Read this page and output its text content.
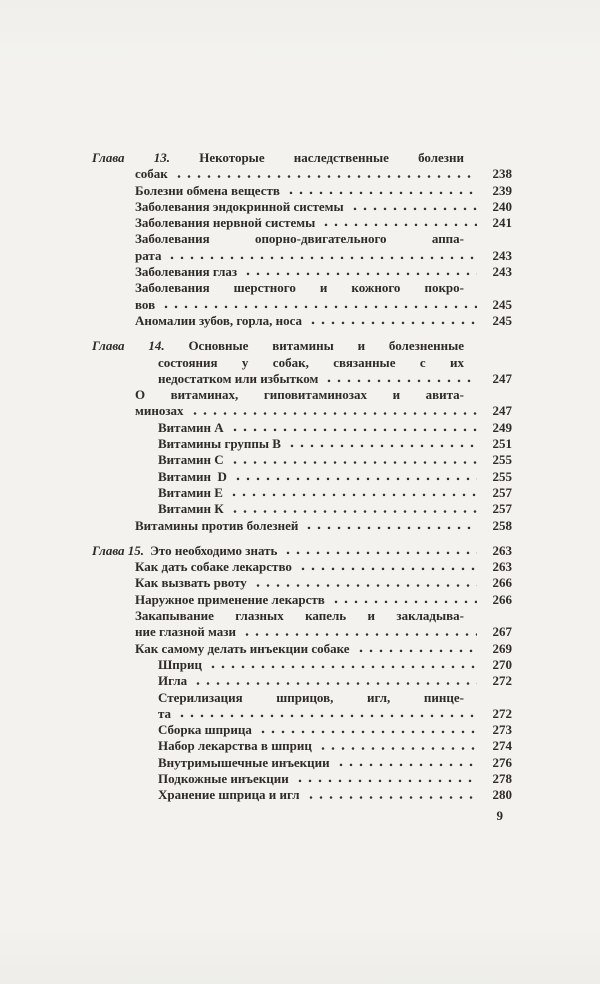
Глава 13. Некоторые наследственные болезни
собак	238
Болезни обмена веществ	239
Заболевания эндокринной системы	240
Заболевания нервной системы	241
Заболевания опорно-двигательного аппа-
рата	243
Заболевания глаз	243
Заболевания шерстного и кожного покро-
вов	245
Аномалии зубов, горла, носа	245
Глава 14. Основные витамины и болезненные
состояния у собак, связанные с их
недостатком или избытком	247
О витаминах, гиповитаминозах и авита-
минозах	247
Витамин А	249
Витамины группы В	251
Витамин С	255
Витамин  D	255
Витамин Е	257
Витамин К	257
Витамины против болезней	258
Глава 15. Это необходимо знать	263
Как дать собаке лекарство	263
Как вызвать рвоту	266
Наружное применение лекарств	266
Закапывание глазных капель и закладыва-
ние глазной мази	267
Как самому делать инъекции собаке	269
Шприц	270
Игла	272
Стерилизация шприцов, игл, пинце-
та	272
Сборка шприца	273
Набор лекарства в шприц	274
Внутримышечные инъекции	276
Подкожные инъекции	278
Хранение шприца и игл	280
9
